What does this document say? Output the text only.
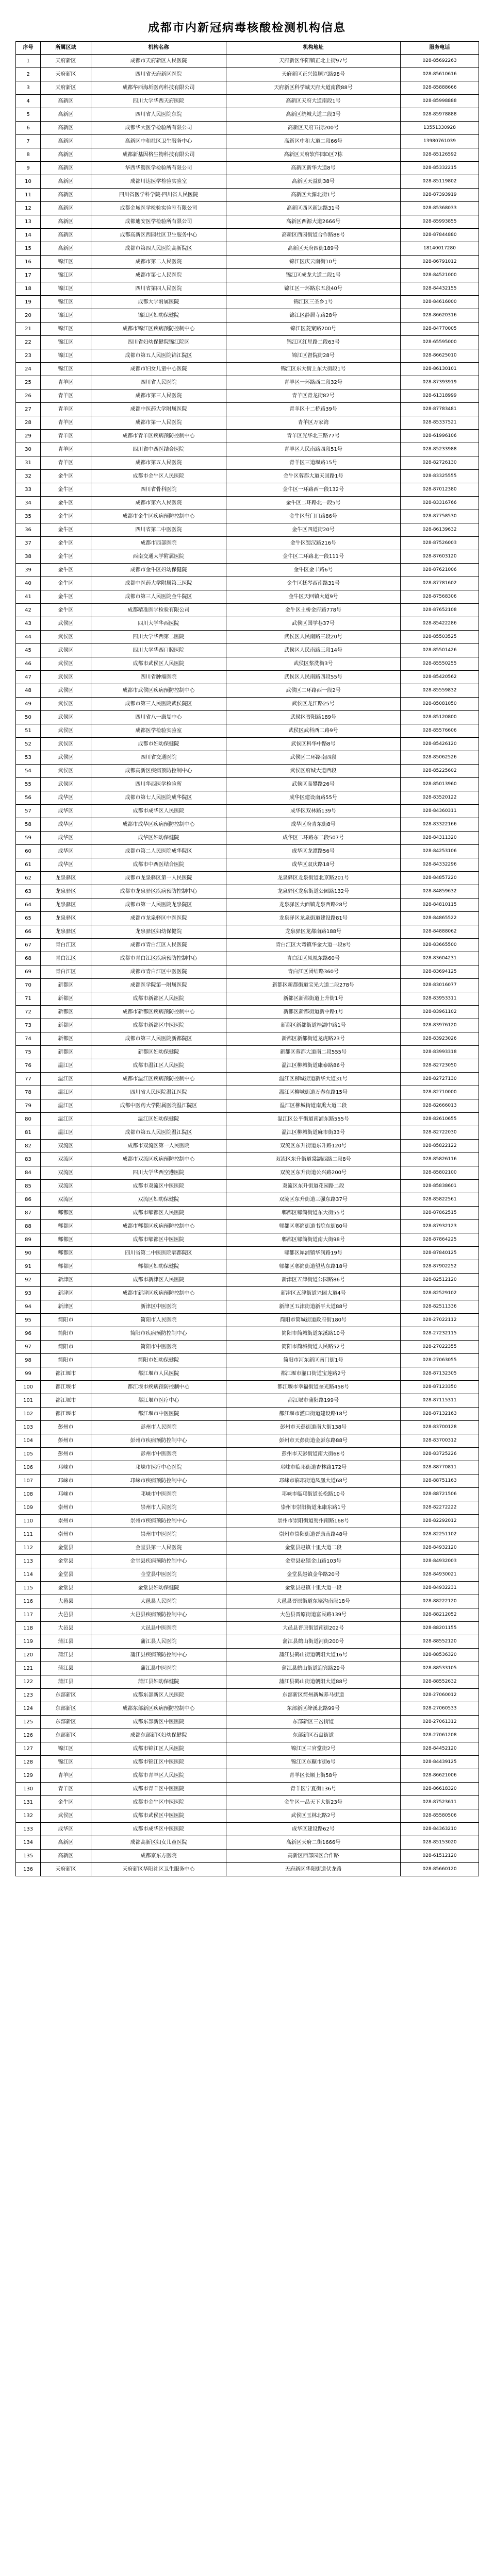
成都市内新冠病毒核酸检测机构信息
序号	所属区域	机构名称	机构地址	服务电话
1	天府新区	成都市天府新区人民医院	天府新区华阳镇正北上街97号	028-85692263
2	天府新区	四川省天府新区医院	天府新区正兴镇顺兴路98号	028-85610616
3	天府新区	成都华西海圻医药科技有限公司	天府新区科学城天府大道南段88号	028-85888666
4	高新区	四川大学华西天府医院	高新区天府大道南段1号	028-85998888
5	高新区	四川省人民医院东院	高新区绕城大道二段3号	028-85978888
6	高新区	成都华大医学检验所有限公司	高新区天府五街200号	13551330928
7	高新区	高新区中和社区卫生服务中心	高新区中和大道二段66号	13980761039
8	高新区	成都新基因格生物科技有限公司	高新区天府软件园D区7栋	028-85126592
9	高新区	华西华蜀医学检验所有限公司	高新区新华大道8号	028-85332215
10	高新区	成都川达医学检验实验室	高新区天益街38号	028-85119802
11	高新区	四川省医学科学院·四川省人民医院	高新区大源北街1号	028-87393919
12	高新区	成都金域医学检验实验室有限公司	高新区西区新达路31号	028-85368033
13	高新区	成都迪安医学检验所有限公司	高新区西源大道2666号	028-85993855
14	高新区	成都高新区西园社区卫生服务中心	高新区西园街道合作路88号	028-87844880
15	高新区	成都市第四人民医院高新院区	高新区天府四街189号	18140017280
16	锦江区	成都市第二人民医院	锦江区庆云南街10号	028-86791012
17	锦江区	成都市第七人民医院	锦江区成龙大道二段1号	028-84521000
18	锦江区	四川省第四人民医院	锦江区一环路东五段40号	028-84432155
19	锦江区	成都大学附属医院	锦江区三圣乡1号	028-84616000
20	锦江区	锦江区妇幼保健院	锦江区静居寺路28号	028-86620316
21	锦江区	成都市锦江区疾病预防控制中心	锦江区菱窠路200号	028-84770005
22	锦江区	四川省妇幼保健院锦江院区	锦江区红星路二段63号	028-65595000
23	锦江区	成都市第五人民医院锦江院区	锦江区督院街28号	028-86625010
24	锦江区	成都市妇女儿童中心医院	锦江区东大街上东大街段1号	028-86130101
25	青羊区	四川省人民医院	青羊区一环路西二段32号	028-87393919
26	青羊区	成都市第三人民医院	青羊区青龙街82号	028-61318999
27	青羊区	成都中医药大学附属医院	青羊区十二桥路39号	028-87783481
28	青羊区	成都市第一人民医院	青羊区万家湾	028-85337521
29	青羊区	成都市青羊区疾病预防控制中心	青羊区光华北三路77号	028-61996106
30	青羊区	四川省中西医结合医院	青羊区人民南路四段51号	028-85233988
31	青羊区	成都市第五人民医院	青羊区三道堰路15号	028-82726130
32	金牛区	成都市金牛区人民医院	金牛区蓉都大道天回路1号	028-83325555
33	金牛区	四川省骨科医院	金牛区一环路西一段132号	028-87012380
34	金牛区	成都市第六人民医院	金牛区二环路北一段5号	028-83316766
35	金牛区	成都市金牛区疾病预防控制中心	金牛区营门口路86号	028-87758530
36	金牛区	四川省第二中医医院	金牛区四道街20号	028-86139632
37	金牛区	成都市西部医院	金牛区蜀汉路216号	028-87526003
38	金牛区	西南交通大学附属医院	金牛区二环路北一段111号	028-87603120
39	金牛区	成都市金牛区妇幼保健院	金牛区金丰路6号	028-87621006
40	金牛区	成都中医药大学附属第三医院	金牛区抚琴西南路31号	028-87781602
41	金牛区	成都市第三人民医院金牛院区	金牛区天回镇大道9号	028-87568306
42	金牛区	成都精准医学检验有限公司	金牛区土桥金府路778号	028-87652108
43	武侯区	四川大学华西医院	武侯区国学巷37号	028-85422286
44	武侯区	四川大学华西第二医院	武侯区人民南路三段20号	028-85503525
45	武侯区	四川大学华西口腔医院	武侯区人民南路三段14号	028-85501426
46	武侯区	成都市武侯区人民医院	武侯区浆洗街3号	028-85550255
47	武侯区	四川省肿瘤医院	武侯区人民南路四段55号	028-85420562
48	武侯区	成都市武侯区疾病预防控制中心	武侯区二环路西一段2号	028-85559832
49	武侯区	成都市第三人民医院武侯院区	武侯区龙江路25号	028-85081050
50	武侯区	四川省八一康复中心	武侯区晋阳路189号	028-85120800
51	武侯区	成都医学检验实验室	武侯区武科西二路9号	028-85576606
52	武侯区	成都市妇幼保健院	武侯区科华中路8号	028-85426120
53	武侯区	四川省交通医院	武侯区二环路南四段	028-85062526
54	武侯区	成都高新区疾病预防控制中心	武侯区府城大道西段	028-85225602
55	武侯区	四川华西医学检验所	武侯区高攀路26号	028-85013960
56	成华区	成都市第七人民医院成华院区	成华区建设南路55号	028-83520122
57	成华区	成都市成华区人民医院	成华区双林路139号	028-84360311
58	成华区	成都市成华区疾病预防控制中心	成华区府青东街8号	028-83322166
59	成华区	成华区妇幼保健院	成华区二环路东二段507号	028-84311320
60	成华区	成都市第二人民医院成华院区	成华区龙潭路56号	028-84253106
61	成华区	成都市中西医结合医院	成华区双庆路18号	028-84332296
62	龙泉驿区	成都市龙泉驿区第一人民医院	龙泉驿区龙泉街道北京路201号	028-84857220
63	龙泉驿区	成都市龙泉驿区疾病预防控制中心	龙泉驿区龙泉街道公园路132号	028-84859632
64	龙泉驿区	成都市第一人民医院龙泉院区	龙泉驿区大面镇龙泉西路28号	028-84810115
65	龙泉驿区	成都市龙泉驿区中医医院	龙泉驿区龙泉街道建设路81号	028-84865522
66	龙泉驿区	龙泉驿区妇幼保健院	龙泉驿区龙都南路188号	028-84888062
67	青白江区	成都市青白江区人民医院	青白江区大弯镇华金大道一段8号	028-83665500
68	青白江区	成都市青白江区疾病预防控制中心	青白江区凤凰东路60号	028-83604231
69	青白江区	成都市青白江区中医医院	青白江区团结路360号	028-83694125
70	新都区	成都医学院第一附属医院	新都区新都街道宝光大道二段278号	028-83016077
71	新都区	成都市新都区人民医院	新都区新都街道上升街1号	028-83953311
72	新都区	成都市新都区疾病预防控制中心	新都区新都街道新中路1号	028-83961102
73	新都区	成都市新都区中医医院	新都区新都街道桂湖中路1号	028-83976120
74	新都区	成都市第三人民医院新都院区	新都区新都街道龙虎路23号	028-83923026
75	新都区	新都区妇幼保健院	新都区蓉都大道南二段555号	028-83993318
76	温江区	成都市温江区人民医院	温江区柳城街道康泰路86号	028-82723050
77	温江区	成都市温江区疾病预防控制中心	温江区柳城街道新华大道31号	028-82727130
78	温江区	四川省人民医院温江医院	温江区柳城街道万春东路15号	028-82710000
79	温江区	成都中医药大学附属医院温江院区	温江区柳城街道南熏大道二段	028-82666013
80	温江区	温江区妇幼保健院	温江区公平街道南浦东路555号	028-82610655
81	温江区	成都市第五人民医院温江院区	温江区柳城街道麻市街33号	028-82722030
82	双流区	成都市双流区第一人民医院	双流区东升街道东升路120号	028-85822122
83	双流区	成都市双流区疾病预防控制中心	双流区东升街道棠湖西路二段8号	028-85826116
84	双流区	四川大学华西空港医院	双流区东升街道公兴路200号	028-85802100
85	双流区	成都市双流区中医医院	双流区东升街道花园路二段	028-85838601
86	双流区	双流区妇幼保健院	双流区东升街道三强东路37号	028-85822561
87	郫都区	成都市郫都区人民医院	郫都区郫筒街道东大街55号	028-87862515
88	郫都区	成都市郫都区疾病预防控制中心	郫都区郫筒街道书院东街80号	028-87932123
89	郫都区	成都市郫都区中医医院	郫都区郫筒街道南大街98号	028-87864225
90	郫都区	四川省第二中医医院郫都院区	郫都区犀浦镇华润路19号	028-87840125
91	郫都区	郫都区妇幼保健院	郫都区郫筒街道望丛东路18号	028-87902252
92	新津区	成都市新津区人民医院	新津区五津街道公园路86号	028-82512120
93	新津区	成都市新津区疾病预防控制中心	新津区五津街道兴园大道4号	028-82529102
94	新津区	新津区中医医院	新津区五津街道新平大道88号	028-82511336
95	简阳市	简阳市人民医院	简阳市简城街道政府街180号	028-27022112
96	简阳市	简阳市疾病预防控制中心	简阳市简城街道东溪路10号	028-27232115
97	简阳市	简阳市中医医院	简阳市简城街道人民路52号	028-27022355
98	简阳市	简阳市妇幼保健院	简阳市河东新区南门街1号	028-27063055
99	都江堰市	都江堰市人民医院	都江堰市灌口街道宝莲路2号	028-87132305
100	都江堰市	都江堰市疾病预防控制中心	都江堰市幸福街道奎光路458号	028-87123350
101	都江堰市	都江堰市医疗中心	都江堰市蒲阳路199号	028-87115311
102	都江堰市	都江堰市中医医院	都江堰市灌口街道建设路18号	028-87132163
103	彭州市	彭州市人民医院	彭州市天彭街道南大街138号	028-83700128
104	彭州市	彭州市疾病预防控制中心	彭州市天彭街道金彭东路88号	028-83700312
105	彭州市	彭州市中医医院	彭州市天彭街道南大街68号	028-83725226
106	邛崃市	邛崃市医疗中心医院	邛崃市临邛街道杏林路172号	028-88770811
107	邛崃市	邛崃市疾病预防控制中心	邛崃市临邛街道凤凰大道68号	028-88751163
108	邛崃市	邛崃市中医医院	邛崃市临邛街道长松路10号	028-88721506
109	崇州市	崇州市人民医院	崇州市崇阳街道永康东路1号	028-82272222
110	崇州市	崇州市疾病预防控制中心	崇州市崇阳街道蜀州南路168号	028-82292012
111	崇州市	崇州市中医医院	崇州市崇阳街道晋康南路48号	028-82251102
112	金堂县	金堂县第一人民医院	金堂县赵镇十里大道二段	028-84932120
113	金堂县	金堂县疾病预防控制中心	金堂县赵镇金山路103号	028-84932003
114	金堂县	金堂县中医医院	金堂县赵镇金华路20号	028-84930021
115	金堂县	金堂县妇幼保健院	金堂县赵镇十里大道一段	028-84932231
116	大邑县	大邑县人民医院	大邑县晋原街道东壕沟南段18号	028-88222120
117	大邑县	大邑县疾病预防控制中心	大邑县晋原街道富民路139号	028-88212052
118	大邑县	大邑县中医医院	大邑县晋原街道南街202号	028-88201155
119	蒲江县	蒲江县人民医院	蒲江县鹤山街道河街200号	028-88552120
120	蒲江县	蒲江县疾病预防控制中心	蒲江县鹤山街道朝阳大道16号	028-88536320
121	蒲江县	蒲江县中医医院	蒲江县鹤山街道迎宾路29号	028-88533105
122	蒲江县	蒲江县妇幼保健院	蒲江县鹤山街道朝阳大道88号	028-88552632
123	东部新区	成都东部新区人民医院	东部新区简州新城养马街道	028-27060012
124	东部新区	成都东部新区疾病预防控制中心	东部新区绛溪北路99号	028-27060533
125	东部新区	成都东部新区中医医院	东部新区三岔街道	028-27061312
126	东部新区	成都东部新区妇幼保健院	东部新区石盘街道	028-27061208
127	锦江区	成都市锦江区人民医院	锦江区三官堂街2号	028-84452120
128	锦江区	成都市锦江区中医医院	锦江区东糠市街6号	028-84439125
129	青羊区	成都市青羊区人民医院	青羊区长顺上街58号	028-86621006
130	青羊区	成都市青羊区中医医院	青羊区宁夏街136号	028-86618320
131	金牛区	成都市金牛区中医医院	金牛区一品天下大街23号	028-87523611
132	武侯区	成都市武侯区中医医院	武侯区玉林北路2号	028-85580506
133	成华区	成都市成华区中医医院	成华区建设路62号	028-84363210
134	高新区	成都高新区妇女儿童医院	高新区天府二街1666号	028-85153020
135	高新区	成都京东方医院	高新区西部园区合作路	028-61512120
136	天府新区	天府新区华阳社区卫生服务中心	天府新区华阳街道伏龙路	028-85660120
